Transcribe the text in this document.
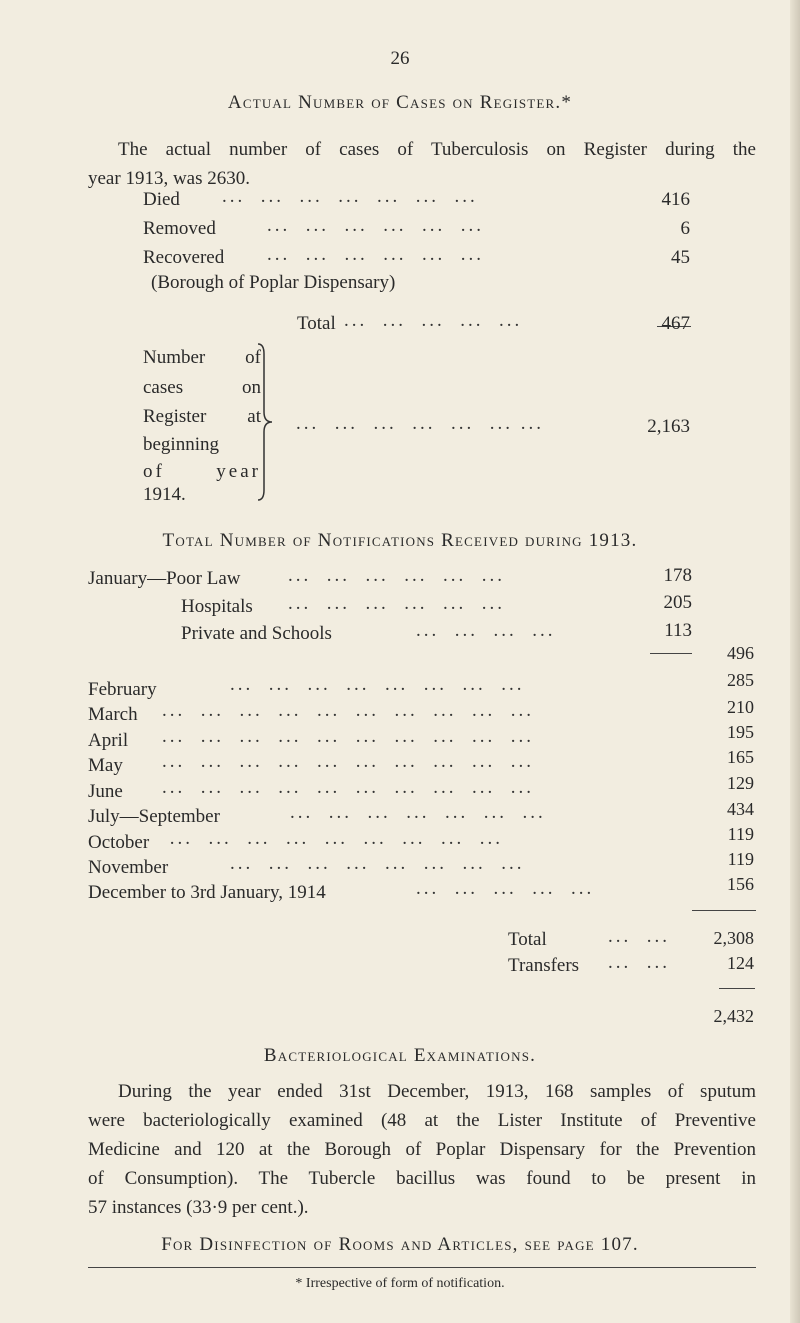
26
Actual Number of Cases on Register.*
The actual number of cases of Tuberculosis on Register during the
year 1913, was 2630.
Died ...  ...  ...  ...  ...  ...  ...	416
Removed	...  ...  ...  ...  ...  ...	6
Recovered ...  ...  ...  ...  ...  ...	45
(Borough of Poplar Dispensary)
Total ...  ...  ...  ...  ...	467
Number of
cases on
Register at
beginning
of year
1914.
...  ...  ...  ...  ...  ... ...	2,163
Total Number of Notifications Received during 1913.
January—Poor Law	...  ...  ...  ...  ...  ...	178
Hospitals ...  ...  ...  ...  ...  ...	205
Private and Schools	...  ...  ...  ...	113
496
February	...  ...  ...  ...  ...  ...  ...  ...	285
March ...  ...  ...  ...  ...  ...  ...  ...  ...  ...	210
April ...  ...  ...  ...  ...  ...  ...  ...  ...  ...	195
May ...  ...  ...  ...  ...  ...  ...  ...  ...  ...	165
June ...  ...  ...  ...  ...  ...  ...  ...  ...  ...	129
July—September	...  ...  ...  ...  ...  ...  ...	434
October ...  ...  ...  ...  ...  ...  ...  ...  ...	119
November	...  ...  ...  ...  ...  ...  ...  ...	119
December to 3rd January, 1914	...  ...  ...  ...  ...	156
Total	...  ...	2,308
Transfers ...  ...	124
2,432
Bacteriological Examinations.
During the year ended 31st December, 1913, 168 samples of sputum
were bacteriologically examined (48 at the Lister Institute of Preventive
Medicine and 120 at the Borough of Poplar Dispensary for the Prevention
of Consumption). The Tubercle bacillus was found to be present in
57 instances (33·9 per cent.).
For Disinfection of Rooms and Articles, see page 107.
* Irrespective of form of notification.
